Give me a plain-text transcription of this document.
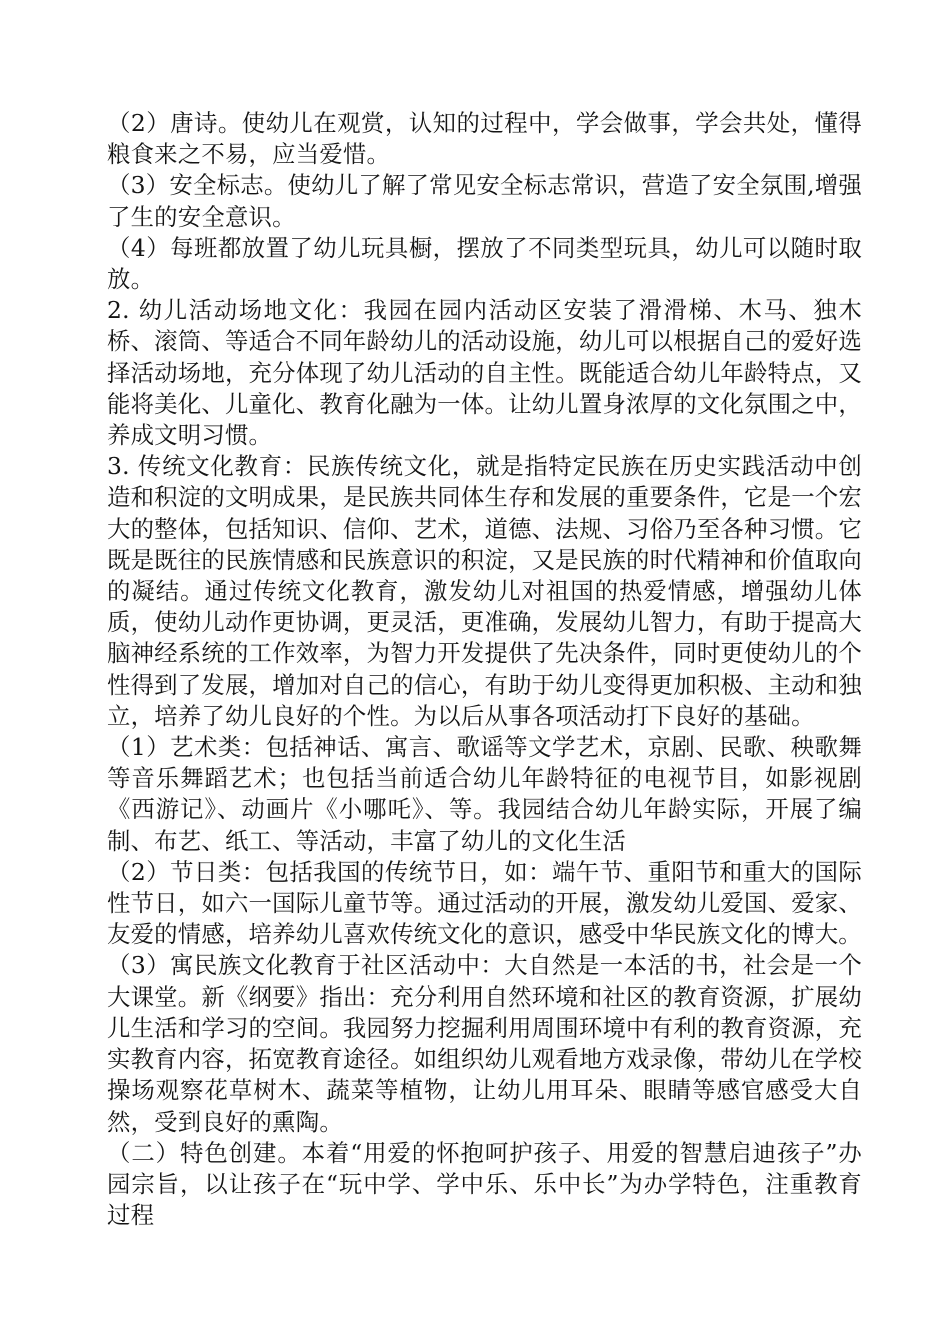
（2）唐诗。使幼儿在观赏，认知的过程中，学会做事，学会共处，懂得粮食来之不易，应当爱惜。

（3）安全标志。使幼儿了解了常见安全标志常识，营造了安全氛围,增强了生的安全意识。

（4）每班都放置了幼儿玩具橱，摆放了不同类型玩具，幼儿可以随时取放。

2. 幼儿活动场地文化：我园在园内活动区安装了滑滑梯、木马、独木桥、滚筒、等适合不同年龄幼儿的活动设施，幼儿可以根据自己的爱好选择活动场地，充分体现了幼儿活动的自主性。既能适合幼儿年龄特点，又能将美化、儿童化、教育化融为一体。让幼儿置身浓厚的文化氛围之中，养成文明习惯。

3. 传统文化教育：民族传统文化，就是指特定民族在历史实践活动中创造和积淀的文明成果，是民族共同体生存和发展的重要条件，它是一个宏大的整体，包括知识、信仰、艺术，道德、法规、习俗乃至各种习惯。它既是既往的民族情感和民族意识的积淀，又是民族的时代精神和价值取向的凝结。通过传统文化教育，激发幼儿对祖国的热爱情感，增强幼儿体质，使幼儿动作更协调，更灵活，更准确，发展幼儿智力，有助于提高大脑神经系统的工作效率，为智力开发提供了先决条件，同时更使幼儿的个性得到了发展，增加对自己的信心，有助于幼儿变得更加积极、主动和独立，培养了幼儿良好的个性。为以后从事各项活动打下良好的基础。

（1）艺术类：包括神话、寓言、歌谣等文学艺术，京剧、民歌、秧歌舞等音乐舞蹈艺术；也包括当前适合幼儿年龄特征的电视节目，如影视剧《西游记》、动画片《小哪吒》、等。我园结合幼儿年龄实际，开展了编制、布艺、纸工、等活动，丰富了幼儿的文化生活

（2）节日类：包括我国的传统节日，如：端午节、重阳节和重大的国际性节日，如六一国际儿童节等。通过活动的开展，激发幼儿爱国、爱家、友爱的情感，培养幼儿喜欢传统文化的意识，感受中华民族文化的博大。

（3）寓民族文化教育于社区活动中：大自然是一本活的书，社会是一个大课堂。新《纲要》指出：充分利用自然环境和社区的教育资源，扩展幼儿生活和学习的空间。我园努力挖掘利用周围环境中有利的教育资源，充实教育内容，拓宽教育途径。如组织幼儿观看地方戏录像，带幼儿在学校操场观察花草树木、蔬菜等植物，让幼儿用耳朵、眼睛等感官感受大自然，受到良好的熏陶。

（二）特色创建。本着“用爱的怀抱呵护孩子、用爱的智慧启迪孩子”办园宗旨，以让孩子在“玩中学、学中乐、乐中长”为办学特色，注重教育过程
